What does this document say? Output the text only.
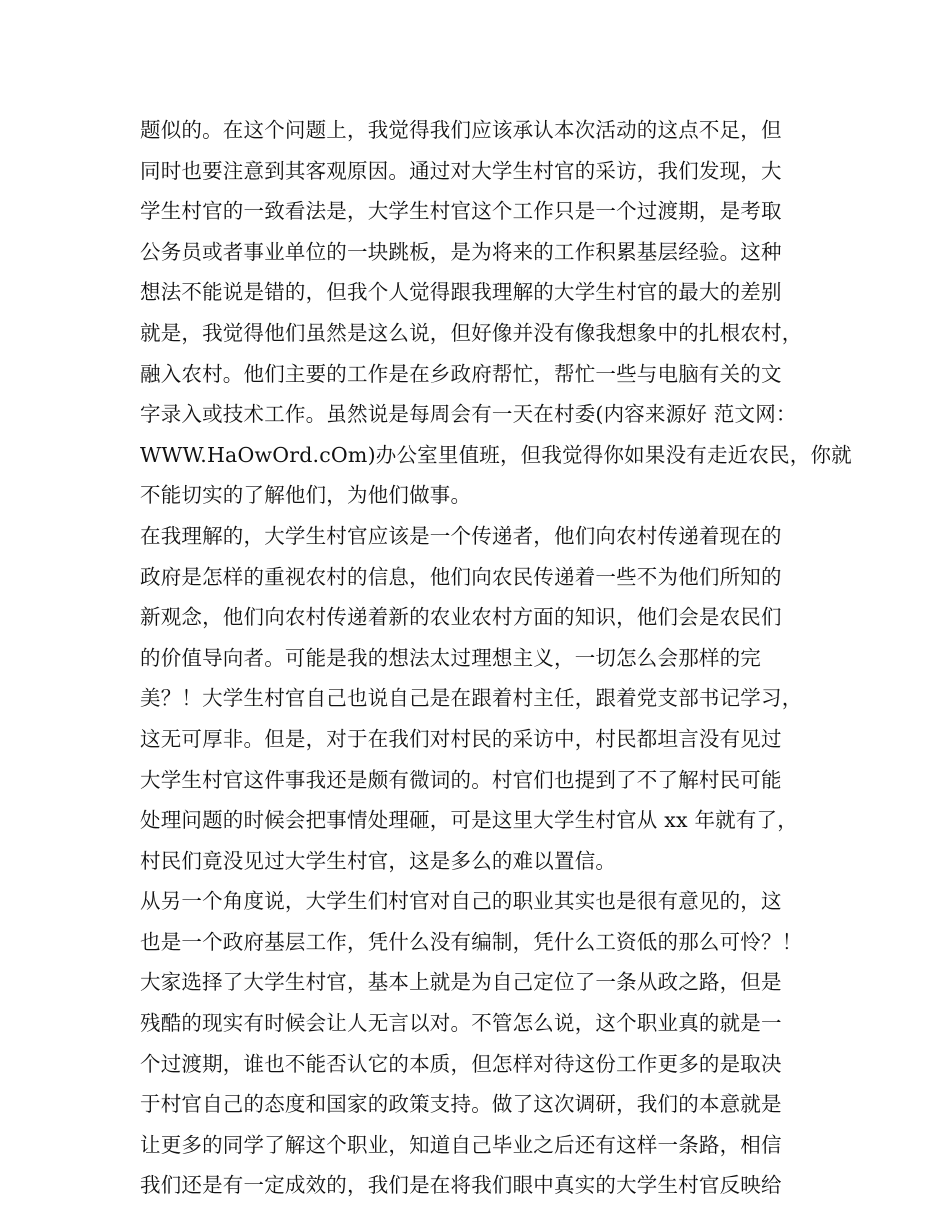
题似的。在这个问题上，我觉得我们应该承认本次活动的这点不足，但
同时也要注意到其客观原因。通过对大学生村官的采访，我们发现，大
学生村官的一致看法是，大学生村官这个工作只是一个过渡期，是考取
公务员或者事业单位的一块跳板，是为将来的工作积累基层经验。这种
想法不能说是错的，但我个人觉得跟我理解的大学生村官的最大的差别
就是，我觉得他们虽然是这么说，但好像并没有像我想象中的扎根农村，
融入农村。他们主要的工作是在乡政府帮忙，帮忙一些与电脑有关的文
字录入或技术工作。虽然说是每周会有一天在村委(内容来源好 范文网：
WWW.HaOwOrd.cOm)办公室里值班，但我觉得你如果没有走近农民，你就
不能切实的了解他们，为他们做事。
在我理解的，大学生村官应该是一个传递者，他们向农村传递着现在的
政府是怎样的重视农村的信息，他们向农民传递着一些不为他们所知的
新观念，他们向农村传递着新的农业农村方面的知识，他们会是农民们
的价值导向者。可能是我的想法太过理想主义，一切怎么会那样的完
美？！大学生村官自己也说自己是在跟着村主任，跟着党支部书记学习，
这无可厚非。但是，对于在我们对村民的采访中，村民都坦言没有见过
大学生村官这件事我还是颇有微词的。村官们也提到了不了解村民可能
处理问题的时候会把事情处理砸，可是这里大学生村官从 xx 年就有了，
村民们竟没见过大学生村官，这是多么的难以置信。
从另一个角度说，大学生们村官对自己的职业其实也是很有意见的，这
也是一个政府基层工作，凭什么没有编制，凭什么工资低的那么可怜？！
大家选择了大学生村官，基本上就是为自己定位了一条从政之路，但是
残酷的现实有时候会让人无言以对。不管怎么说，这个职业真的就是一
个过渡期，谁也不能否认它的本质，但怎样对待这份工作更多的是取决
于村官自己的态度和国家的政策支持。做了这次调研，我们的本意就是
让更多的同学了解这个职业，知道自己毕业之后还有这样一条路，相信
我们还是有一定成效的，我们是在将我们眼中真实的大学生村官反映给
